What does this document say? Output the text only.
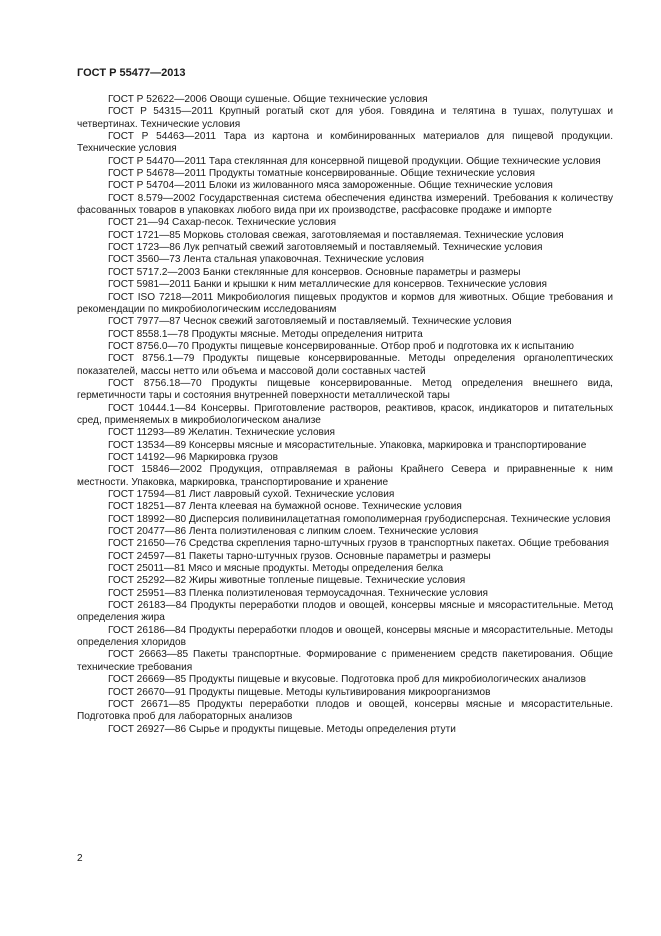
ГОСТ Р 55477—2013
ГОСТ Р 52622—2006 Овощи сушеные. Общие технические условия
ГОСТ Р 54315—2011 Крупный рогатый скот для убоя. Говядина и телятина в тушах, полутушах и четвертинах. Технические условия
ГОСТ Р 54463—2011 Тара из картона и комбинированных материалов для пищевой продукции. Технические условия
ГОСТ Р 54470—2011 Тара стеклянная для консервной пищевой продукции. Общие технические условия
ГОСТ Р 54678—2011 Продукты томатные консервированные. Общие технические условия
ГОСТ Р 54704—2011 Блоки из жилованного мяса замороженные. Общие технические условия
ГОСТ 8.579—2002 Государственная система обеспечения единства измерений. Требования к количеству фасованных товаров в упаковках любого вида при их производстве, расфасовке продаже и импорте
ГОСТ 21—94 Сахар-песок. Технические условия
ГОСТ 1721—85 Морковь столовая свежая, заготовляемая и поставляемая. Технические условия
ГОСТ 1723—86 Лук репчатый свежий заготовляемый и поставляемый. Технические условия
ГОСТ 3560—73 Лента стальная упаковочная. Технические условия
ГОСТ 5717.2—2003 Банки стеклянные для консервов. Основные параметры и размеры
ГОСТ 5981—2011 Банки и крышки к ним металлические для консервов. Технические условия
ГОСТ ISO 7218—2011 Микробиология пищевых продуктов и кормов для животных. Общие требования и рекомендации по микробиологическим исследованиям
ГОСТ 7977—87 Чеснок свежий заготовляемый и поставляемый. Технические условия
ГОСТ 8558.1—78 Продукты мясные. Методы определения нитрита
ГОСТ 8756.0—70 Продукты пищевые консервированные. Отбор проб и подготовка их к испытанию
ГОСТ 8756.1—79 Продукты пищевые консервированные. Методы определения органолептических показателей, массы нетто или объема и массовой доли составных частей
ГОСТ 8756.18—70 Продукты пищевые консервированные. Метод определения внешнего вида, герметичности тары и состояния внутренней поверхности металлической тары
ГОСТ 10444.1—84 Консервы. Приготовление растворов, реактивов, красок, индикаторов и питательных сред, применяемых в микробиологическом анализе
ГОСТ 11293—89 Желатин. Технические условия
ГОСТ 13534—89 Консервы мясные и мясорастительные. Упаковка, маркировка и транспортирование
ГОСТ 14192—96 Маркировка грузов
ГОСТ 15846—2002 Продукция, отправляемая в районы Крайнего Севера и приравненные к ним местности. Упаковка, маркировка, транспортирование и хранение
ГОСТ 17594—81 Лист лавровый сухой. Технические условия
ГОСТ 18251—87 Лента клеевая на бумажной основе. Технические условия
ГОСТ 18992—80 Дисперсия поливинилацетатная гомополимерная грубодисперсная. Технические условия
ГОСТ 20477—86 Лента полиэтиленовая с липким слоем. Технические условия
ГОСТ 21650—76 Средства скрепления тарно-штучных грузов в транспортных пакетах. Общие требования
ГОСТ 24597—81 Пакеты тарно-штучных грузов. Основные параметры и размеры
ГОСТ 25011—81 Мясо и мясные продукты. Методы определения белка
ГОСТ 25292—82 Жиры животные топленые пищевые. Технические условия
ГОСТ 25951—83 Пленка полиэтиленовая термоусадочная. Технические условия
ГОСТ 26183—84 Продукты переработки плодов и овощей, консервы мясные и мясорастительные. Метод определения жира
ГОСТ 26186—84 Продукты переработки плодов и овощей, консервы мясные и мясорастительные. Методы определения хлоридов
ГОСТ 26663—85 Пакеты транспортные. Формирование с применением средств пакетирования. Общие технические требования
ГОСТ 26669—85 Продукты пищевые и вкусовые. Подготовка проб для микробиологических анализов
ГОСТ 26670—91 Продукты пищевые. Методы культивирования микроорганизмов
ГОСТ 26671—85 Продукты переработки плодов и овощей, консервы мясные и мясорастительные. Подготовка проб для лабораторных анализов
ГОСТ 26927—86 Сырье и продукты пищевые. Методы определения ртути
2
